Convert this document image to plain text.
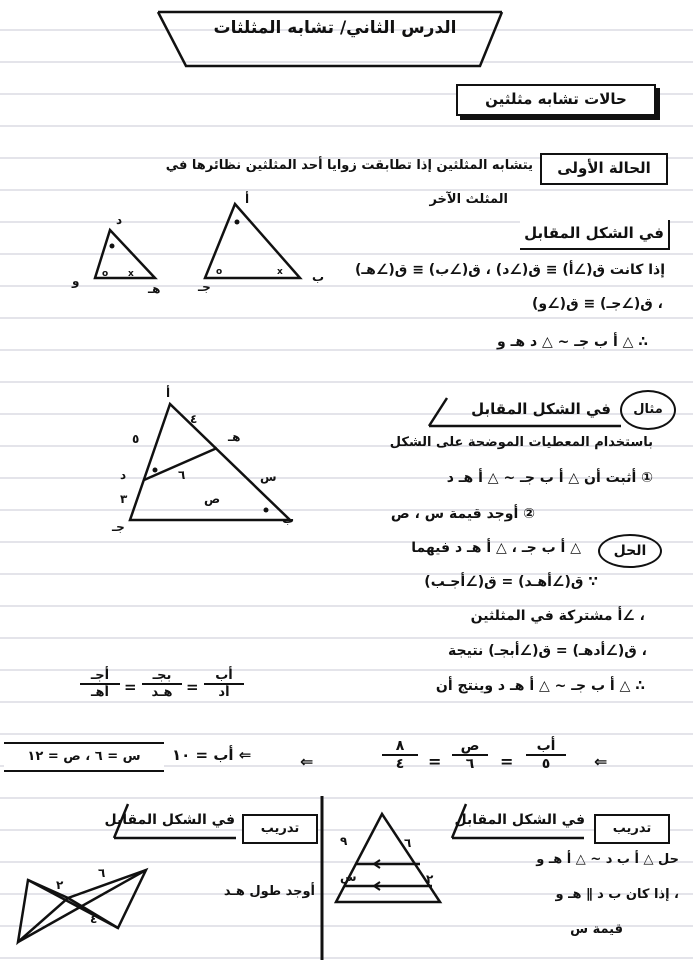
الدرس الثاني/ تشابه المثلثات
حالات تشابه مثلثين
الحالة الأولى
يتشابه المثلثين إذا تطابقت زوايا أحد المثلثين نظائرها في
المثلث الآخر
في الشكل المقابل
o	o
x	x
د
و
هـ
أ
جـ
ب إذا كانت ق(∠أ) ≡ ق(∠د) ، ق(∠ب) ≡ ق(∠هـ)
، ق(∠جـ) ≡ ق(∠و)
∴ △ أ ب جـ ~ △ د هـ و
مثال
في الشكل المقابل
باستخدام المعطيات الموضحة على الشكل
① أثبت أن △ أ ب جـ ~ △ أ هـ د
② أوجد قيمة س ، ص
أ
ب
جـ
د
هـ
٥
٤
٦
٣
س
ص
الحل
△ أ ب جـ ، △ أ هـ د فيهما
∵ ق(∠أهـد) = ق(∠أجـب)
، ∠أ مشتركة في المثلثين
، ق(∠أدهـ) = ق(∠أبجـ) نتيجة
∴ △ أ ب جـ ~ △ أ هـ د وينتج أن
أجـ
أهـ	=
بجـ
هـد =
أب
أد
س = ٦ ، ص = ١٢	أب = ١٠ ⇐	⇐
٨
٤	=
ص
٦	=
أب
٥	⇐
تدريب
في الشكل المقابل
حل △ أ ب د ~ △ أ هـ و
، إذا كان ب د ∥ هـ و
قيمة س
٩	٦
س	٢
تدريب
في الشكل المقابل
أوجد طول هـد
٦
٢
٤
